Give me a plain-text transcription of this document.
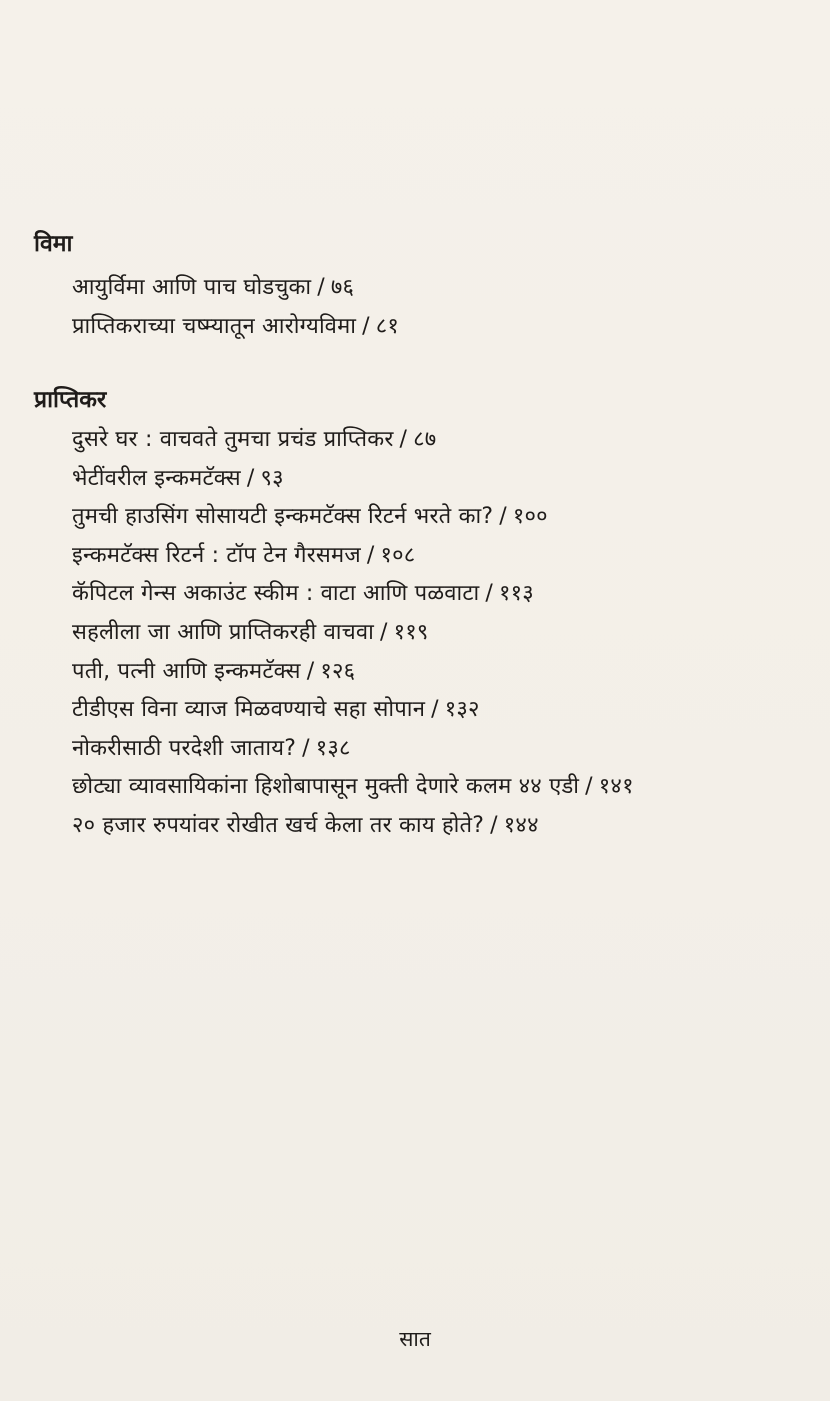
विमा
आयुर्विमा आणि पाच घोडचुका / ७६
प्राप्तिकराच्या चष्म्यातून आरोग्यविमा / ८१
प्राप्तिकर
दुसरे घर : वाचवते तुमचा प्रचंड प्राप्तिकर / ८७
भेटींवरील इन्कमटॅक्स / ९३
तुमची हाउसिंग सोसायटी इन्कमटॅक्स रिटर्न भरते का? / १००
इन्कमटॅक्स रिटर्न : टॉप टेन गैरसमज / १०८
कॅपिटल गेन्स अकाउंट स्कीम : वाटा आणि पळवाटा / ११३
सहलीला जा आणि प्राप्तिकरही वाचवा / ११९
पती, पत्नी आणि इन्कमटॅक्स / १२६
टीडीएस विना व्याज मिळवण्याचे सहा सोपान / १३२
नोकरीसाठी परदेशी जाताय? / १३८
छोट्या व्यावसायिकांना हिशोबापासून मुक्ती देणारे कलम ४४ एडी / १४१
२० हजार रुपयांवर रोखीत खर्च केला तर काय होते? / १४४
सात
